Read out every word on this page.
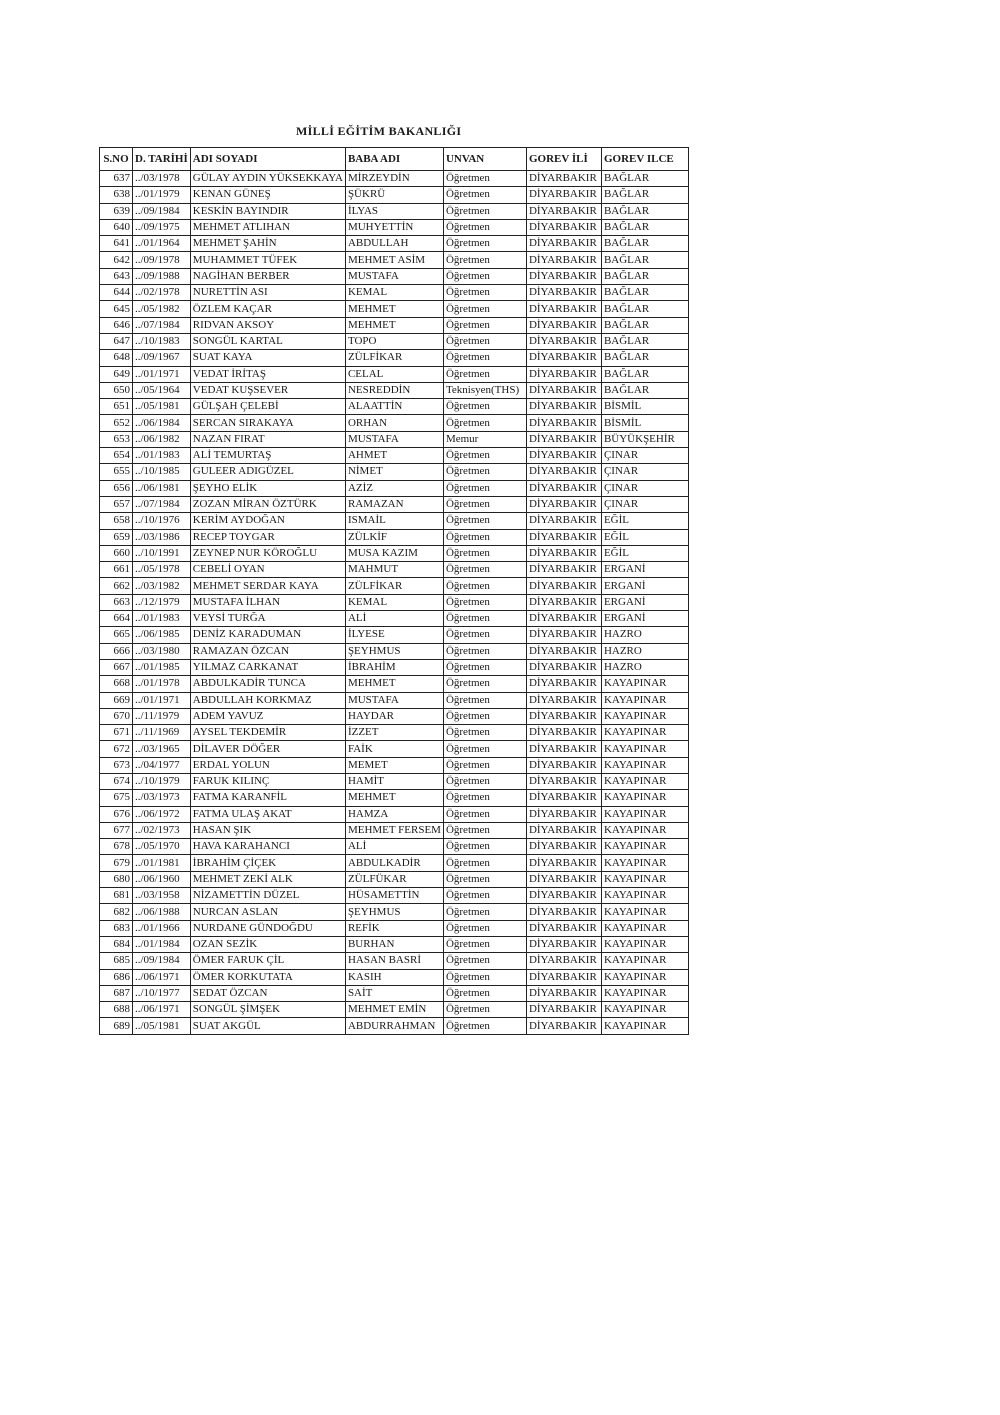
MİLLİ EĞİTİM BAKANLIĞI
S.NO	D. TARİHİ	ADI SOYADI	BABA ADI	UNVAN	GOREV İLİ	GOREV ILCE
637	../03/1978	GÜLAY AYDIN YÜKSEKKAYA	MİRZEYDİN	Öğretmen	DİYARBAKIR	BAĞLAR
638	../01/1979	KENAN GÜNEŞ	ŞÜKRÜ	Öğretmen	DİYARBAKIR	BAĞLAR
639	../09/1984	KESKİN BAYINDIR	İLYAS	Öğretmen	DİYARBAKIR	BAĞLAR
640	../09/1975	MEHMET ATLIHAN	MUHYETTİN	Öğretmen	DİYARBAKIR	BAĞLAR
641	../01/1964	MEHMET ŞAHİN	ABDULLAH	Öğretmen	DİYARBAKIR	BAĞLAR
642	../09/1978	MUHAMMET TÜFEK	MEHMET ASİM	Öğretmen	DİYARBAKIR	BAĞLAR
643	../09/1988	NAGİHAN BERBER	MUSTAFA	Öğretmen	DİYARBAKIR	BAĞLAR
644	../02/1978	NURETTİN ASI	KEMAL	Öğretmen	DİYARBAKIR	BAĞLAR
645	../05/1982	ÖZLEM KAÇAR	MEHMET	Öğretmen	DİYARBAKIR	BAĞLAR
646	../07/1984	RIDVAN AKSOY	MEHMET	Öğretmen	DİYARBAKIR	BAĞLAR
647	../10/1983	SONGÜL KARTAL	TOPO	Öğretmen	DİYARBAKIR	BAĞLAR
648	../09/1967	SUAT KAYA	ZÜLFİKAR	Öğretmen	DİYARBAKIR	BAĞLAR
649	../01/1971	VEDAT İRİTAŞ	CELAL	Öğretmen	DİYARBAKIR	BAĞLAR
650	../05/1964	VEDAT KUŞSEVER	NESREDDİN	Teknisyen(THS)	DİYARBAKIR	BAĞLAR
651	../05/1981	GÜLŞAH ÇELEBİ	ALAATTİN	Öğretmen	DİYARBAKIR	BİSMİL
652	../06/1984	SERCAN SIRAKAYA	ORHAN	Öğretmen	DİYARBAKIR	BİSMİL
653	../06/1982	NAZAN FIRAT	MUSTAFA	Memur	DİYARBAKIR	BÜYÜKŞEHİR
654	../01/1983	ALİ TEMURTAŞ	AHMET	Öğretmen	DİYARBAKIR	ÇINAR
655	../10/1985	GULEER ADIGÜZEL	NİMET	Öğretmen	DİYARBAKIR	ÇINAR
656	../06/1981	ŞEYHO ELİK	AZİZ	Öğretmen	DİYARBAKIR	ÇINAR
657	../07/1984	ZOZAN MİRAN ÖZTÜRK	RAMAZAN	Öğretmen	DİYARBAKIR	ÇINAR
658	../10/1976	KERİM AYDOĞAN	ISMAİL	Öğretmen	DİYARBAKIR	EĞİL
659	../03/1986	RECEP TOYGAR	ZÜLKİF	Öğretmen	DİYARBAKIR	EĞİL
660	../10/1991	ZEYNEP NUR KÖROĞLU	MUSA KAZIM	Öğretmen	DİYARBAKIR	EĞİL
661	../05/1978	CEBELİ OYAN	MAHMUT	Öğretmen	DİYARBAKIR	ERGANİ
662	../03/1982	MEHMET SERDAR KAYA	ZÜLFİKAR	Öğretmen	DİYARBAKIR	ERGANİ
663	../12/1979	MUSTAFA İLHAN	KEMAL	Öğretmen	DİYARBAKIR	ERGANİ
664	../01/1983	VEYSİ TURĞA	ALİ	Öğretmen	DİYARBAKIR	ERGANİ
665	../06/1985	DENİZ KARADUMAN	İLYESE	Öğretmen	DİYARBAKIR	HAZRO
666	../03/1980	RAMAZAN ÖZCAN	ŞEYHMUS	Öğretmen	DİYARBAKIR	HAZRO
667	../01/1985	YILMAZ CARKANAT	İBRAHİM	Öğretmen	DİYARBAKIR	HAZRO
668	../01/1978	ABDULKADİR TUNCA	MEHMET	Öğretmen	DİYARBAKIR	KAYAPINAR
669	../01/1971	ABDULLAH KORKMAZ	MUSTAFA	Öğretmen	DİYARBAKIR	KAYAPINAR
670	../11/1979	ADEM YAVUZ	HAYDAR	Öğretmen	DİYARBAKIR	KAYAPINAR
671	../11/1969	AYSEL TEKDEMİR	İZZET	Öğretmen	DİYARBAKIR	KAYAPINAR
672	../03/1965	DİLAVER DÖĞER	FAİK	Öğretmen	DİYARBAKIR	KAYAPINAR
673	../04/1977	ERDAL YOLUN	MEMET	Öğretmen	DİYARBAKIR	KAYAPINAR
674	../10/1979	FARUK KILINÇ	HAMİT	Öğretmen	DİYARBAKIR	KAYAPINAR
675	../03/1973	FATMA KARANFİL	MEHMET	Öğretmen	DİYARBAKIR	KAYAPINAR
676	../06/1972	FATMA ULAŞ AKAT	HAMZA	Öğretmen	DİYARBAKIR	KAYAPINAR
677	../02/1973	HASAN ŞIK	MEHMET FERSEM	Öğretmen	DİYARBAKIR	KAYAPINAR
678	../05/1970	HAVA KARAHANCI	ALİ	Öğretmen	DİYARBAKIR	KAYAPINAR
679	../01/1981	İBRAHİM ÇİÇEK	ABDULKADİR	Öğretmen	DİYARBAKIR	KAYAPINAR
680	../06/1960	MEHMET ZEKİ ALK	ZÜLFÜKAR	Öğretmen	DİYARBAKIR	KAYAPINAR
681	../03/1958	NİZAMETTİN DÜZEL	HÜSAMETTİN	Öğretmen	DİYARBAKIR	KAYAPINAR
682	../06/1988	NURCAN ASLAN	ŞEYHMUS	Öğretmen	DİYARBAKIR	KAYAPINAR
683	../01/1966	NURDANE GÜNDOĞDU	REFİK	Öğretmen	DİYARBAKIR	KAYAPINAR
684	../01/1984	OZAN SEZİK	BURHAN	Öğretmen	DİYARBAKIR	KAYAPINAR
685	../09/1984	ÖMER FARUK ÇİL	HASAN BASRİ	Öğretmen	DİYARBAKIR	KAYAPINAR
686	../06/1971	ÖMER KORKUTATA	KASIH	Öğretmen	DİYARBAKIR	KAYAPINAR
687	../10/1977	SEDAT ÖZCAN	SAİT	Öğretmen	DİYARBAKIR	KAYAPINAR
688	../06/1971	SONGÜL ŞİMŞEK	MEHMET EMİN	Öğretmen	DİYARBAKIR	KAYAPINAR
689	../05/1981	SUAT AKGÜL	ABDURRAHMAN	Öğretmen	DİYARBAKIR	KAYAPINAR
